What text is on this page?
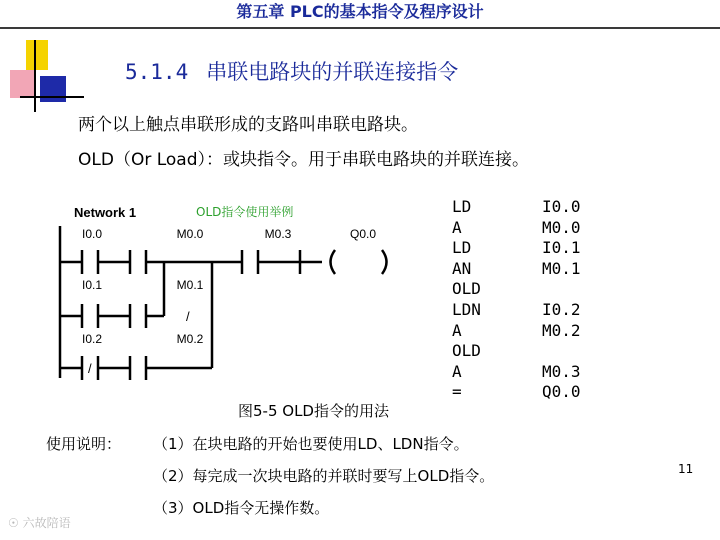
第五章 PLC的基本指令及程序设计
5.1.4 串联电路块的并联连接指令
两个以上触点串联形成的支路叫串联电路块。
OLD（Or Load）：或块指令。用于串联电路块的并联连接。
Network 1	OLD指令使用举例
I0.0	M0.0	M0.3	Q0.0
I0.1	M0.1
I0.2	M0.2
/
/
LD	I0.0
A	M0.0
LD	I0.1
AN	M0.1
OLD
LDN	I0.2
A	M0.2
OLD
A	M0.3
=	Q0.0
图5-5 OLD指令的用法
使用说明： （1）在块电路的开始也要使用LD、LDN指令。
（2）每完成一次块电路的并联时要写上OLD指令。
（3）OLD指令无操作数。
11
☉ 六故陪语
